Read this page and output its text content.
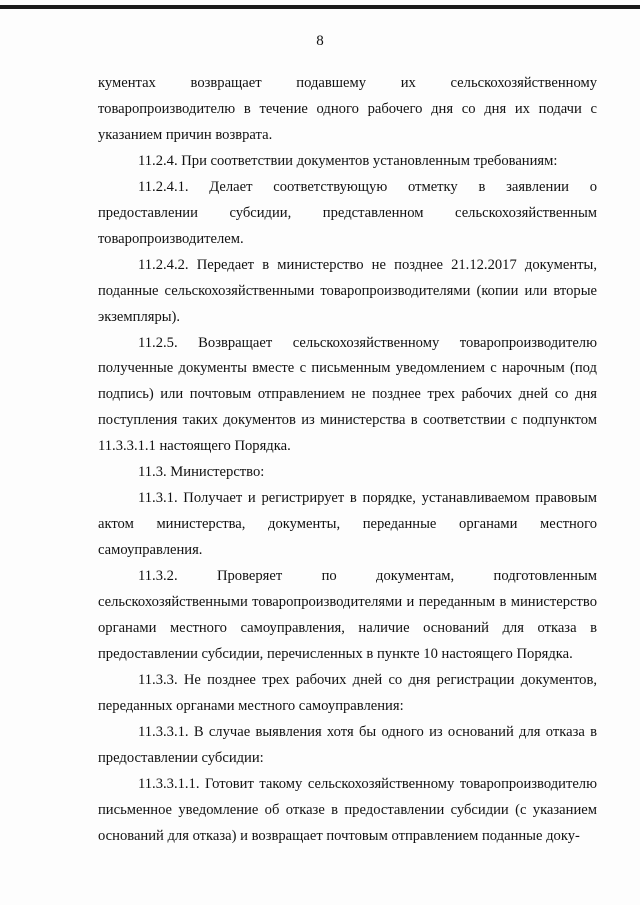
8

кументах возвращает подавшему их сельскохозяйственному товаропроизводителю в течение одного рабочего дня со дня их подачи с указанием причин возврата.

11.2.4. При соответствии документов установленным требованиям:

11.2.4.1. Делает соответствующую отметку в заявлении о предоставлении субсидии, представленном сельскохозяйственным товаропроизводителем.

11.2.4.2. Передает в министерство не позднее 21.12.2017 документы, поданные сельскохозяйственными товаропроизводителями (копии или вторые экземпляры).

11.2.5. Возвращает сельскохозяйственному товаропроизводителю полученные документы вместе с письменным уведомлением с нарочным (под подпись) или почтовым отправлением не позднее трех рабочих дней со дня поступления таких документов из министерства в соответствии с подпунктом 11.3.3.1.1 настоящего Порядка.

11.3. Министерство:

11.3.1. Получает и регистрирует в порядке, устанавливаемом правовым актом министерства, документы, переданные органами местного самоуправления.

11.3.2. Проверяет по документам, подготовленным сельскохозяйственными товаропроизводителями и переданным в министерство органами местного самоуправления, наличие оснований для отказа в предоставлении субсидии, перечисленных в пункте 10 настоящего Порядка.

11.3.3. Не позднее трех рабочих дней со дня регистрации документов, переданных органами местного самоуправления:

11.3.3.1. В случае выявления хотя бы одного из оснований для отказа в предоставлении субсидии:

11.3.3.1.1. Готовит такому сельскохозяйственному товаропроизводителю письменное уведомление об отказе в предоставлении субсидии (с указанием оснований для отказа) и возвращает почтовым отправлением поданные доку-
